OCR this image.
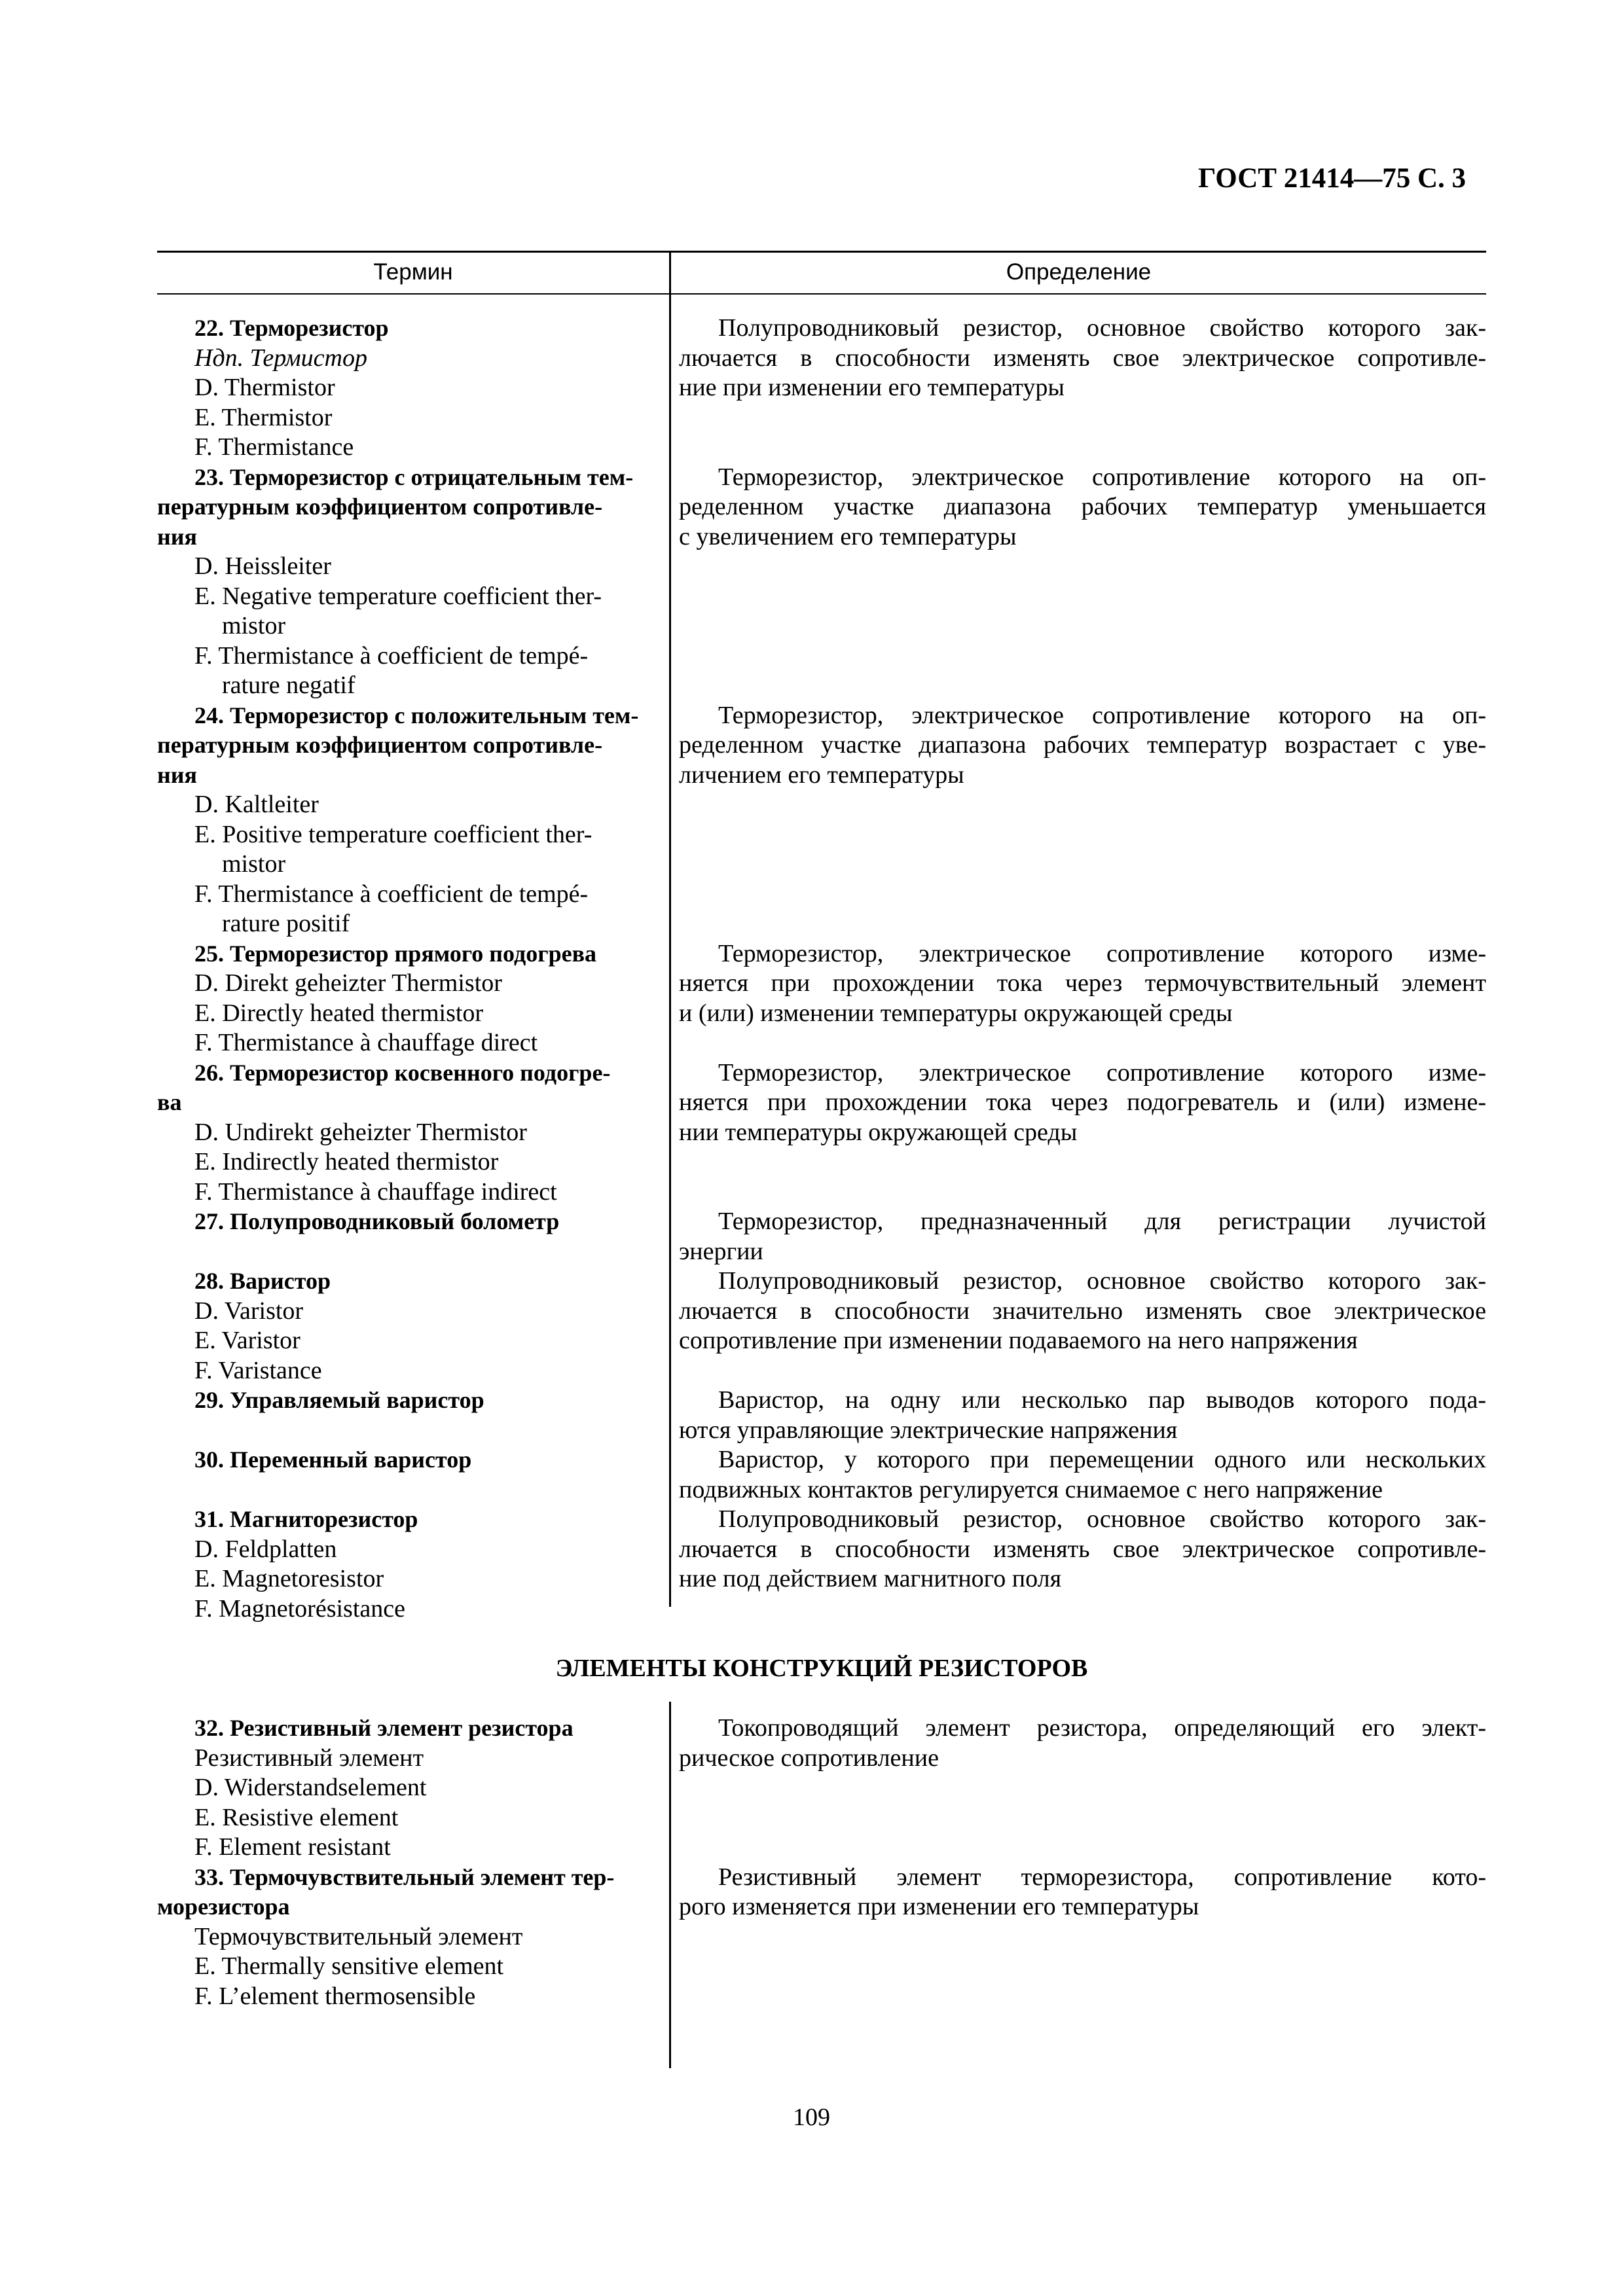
ГОСТ 21414—75 С. 3
Термин	Определение
22. Терморезистор
Ндп. Термистор
D. Thermistor
E. Thermistor
F. Thermistance
23. Терморезистор с отрицательным тем-
пературным коэффициентом сопротивле-
ния
D. Heissleiter
E. Negative temperature coefficient ther-
mistor
F. Thermistance à coefficient de tempé-
rature negatif
24. Терморезистор с положительным тем-
пературным коэффициентом сопротивле-
ния
D. Kaltleiter
E. Positive temperature coefficient ther-
mistor
F. Thermistance à coefficient de tempé-
rature positif
25. Терморезистор прямого подогрева
D. Direkt geheizter Thermistor
E. Directly heated thermistor
F. Thermistance à chauffage direct
26. Терморезистор косвенного подогре-
ва
D. Undirekt geheizter Thermistor
E. Indirectly heated thermistor
F. Thermistance à chauffage indirect
27. Полупроводниковый болометр
28. Варистор
D. Varistor
E. Varistor
F. Varistance
29. Управляемый варистор
30. Переменный варистор
31. Магниторезистор
D. Feldplatten
E. Magnetoresistor
F. Magnetorésistance
Полупроводниковый резистор, основное свойство которого зак-
лючается в способности изменять свое электрическое сопротивле-
ние при изменении его температуры
Терморезистор, электрическое сопротивление которого на оп-
ределенном участке диапазона рабочих температур уменьшается
с увеличением его температуры
Терморезистор, электрическое сопротивление которого на оп-
ределенном участке диапазона рабочих температур возрастает с уве-
личением его температуры
Терморезистор, электрическое сопротивление которого изме-
няется при прохождении тока через термочувствительный элемент
и (или) изменении температуры окружающей среды
Терморезистор, электрическое сопротивление которого изме-
няется при прохождении тока через подогреватель и (или) измене-
нии температуры окружающей среды
Терморезистор, предназначенный для регистрации лучистой
энергии
Полупроводниковый резистор, основное свойство которого зак-
лючается в способности значительно изменять свое электрическое
сопротивление при изменении подаваемого на него напряжения
Варистор, на одну или несколько пар выводов которого пода-
ются управляющие электрические напряжения
Варистор, у которого при перемещении одного или нескольких
подвижных контактов регулируется снимаемое с него напряжение
Полупроводниковый резистор, основное свойство которого зак-
лючается в способности изменять свое электрическое сопротивле-
ние под действием магнитного поля
ЭЛЕМЕНТЫ КОНСТРУКЦИЙ РЕЗИСТОРОВ
32. Резистивный элемент резистора
Резистивный элемент
D. Widerstandselement
E. Resistive element
F. Element resistant
33. Термочувствительный элемент тер-
морезистора
Термочувствительный элемент
E. Thermally sensitive element
F. L’element thermosensible
Токопроводящий элемент резистора, определяющий его элект-
рическое сопротивление
Резистивный элемент терморезистора, сопротивление кото-
рого изменяется при изменении его температуры
109
